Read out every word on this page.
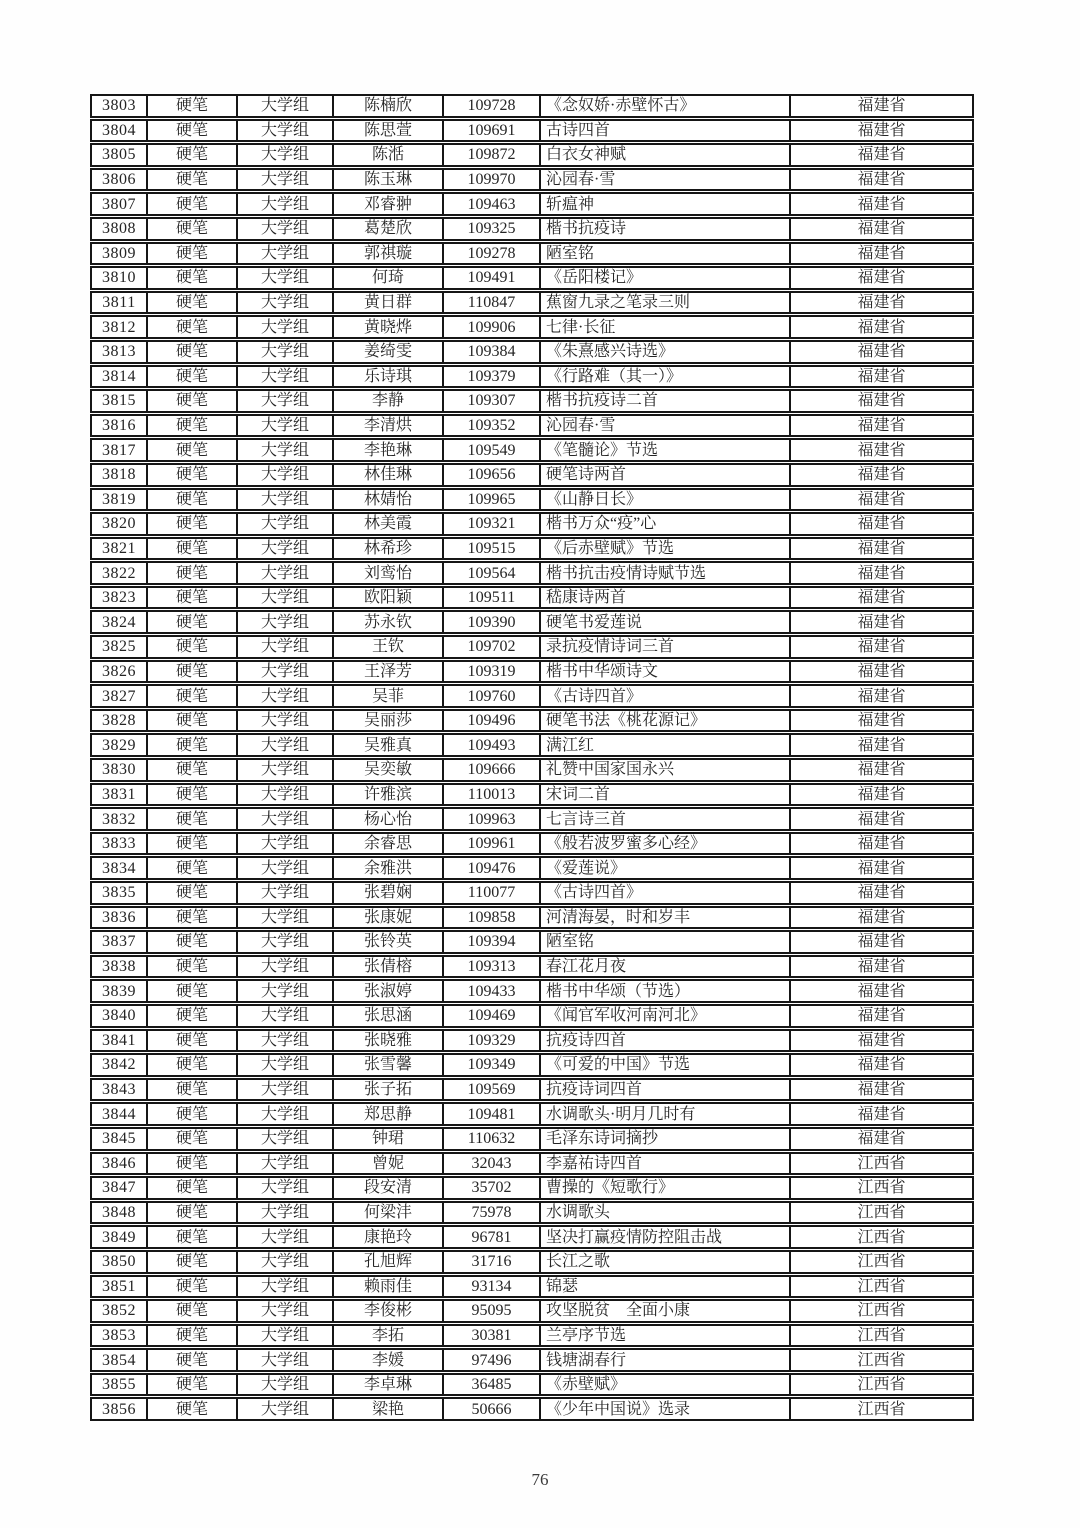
3803	硬笔	大学组	陈楠欣	109728	《念奴娇·赤壁怀古》	福建省
3804	硬笔	大学组	陈思萱	109691	古诗四首	福建省
3805	硬笔	大学组	陈湉	109872	白衣女神赋	福建省
3806	硬笔	大学组	陈玉琳	109970	沁园春·雪	福建省
3807	硬笔	大学组	邓睿翀	109463	斩瘟神	福建省
3808	硬笔	大学组	葛楚欣	109325	楷书抗疫诗	福建省
3809	硬笔	大学组	郭祺璇	109278	陋室铭	福建省
3810	硬笔	大学组	何琦	109491	《岳阳楼记》	福建省
3811	硬笔	大学组	黄日群	110847	蕉窗九录之笔录三则	福建省
3812	硬笔	大学组	黄晓烨	109906	七律·长征	福建省
3813	硬笔	大学组	姜绮雯	109384	《朱熹感兴诗选》	福建省
3814	硬笔	大学组	乐诗琪	109379	《行路难（其一）》	福建省
3815	硬笔	大学组	李静	109307	楷书抗疫诗二首	福建省
3816	硬笔	大学组	李清烘	109352	沁园春·雪	福建省
3817	硬笔	大学组	李艳琳	109549	《笔髓论》节选	福建省
3818	硬笔	大学组	林佳琳	109656	硬笔诗两首	福建省
3819	硬笔	大学组	林婧怡	109965	《山静日长》	福建省
3820	硬笔	大学组	林美霞	109321	楷书万众“疫”心	福建省
3821	硬笔	大学组	林希珍	109515	《后赤壁赋》节选	福建省
3822	硬笔	大学组	刘鸾怡	109564	楷书抗击疫情诗赋节选	福建省
3823	硬笔	大学组	欧阳颖	109511	嵇康诗两首	福建省
3824	硬笔	大学组	苏永钦	109390	硬笔书爱莲说	福建省
3825	硬笔	大学组	王钦	109702	录抗疫情诗词三首	福建省
3826	硬笔	大学组	王泽芳	109319	楷书中华颂诗文	福建省
3827	硬笔	大学组	吴菲	109760	《古诗四首》	福建省
3828	硬笔	大学组	吴丽莎	109496	硬笔书法《桃花源记》	福建省
3829	硬笔	大学组	吴雅真	109493	满江红	福建省
3830	硬笔	大学组	吴奕敏	109666	礼赞中国家国永兴	福建省
3831	硬笔	大学组	许雅滨	110013	宋词二首	福建省
3832	硬笔	大学组	杨心怡	109963	七言诗三首	福建省
3833	硬笔	大学组	余睿思	109961	《般若波罗蜜多心经》	福建省
3834	硬笔	大学组	余雅洪	109476	《爱莲说》	福建省
3835	硬笔	大学组	张碧娴	110077	《古诗四首》	福建省
3836	硬笔	大学组	张康妮	109858	河清海晏，时和岁丰	福建省
3837	硬笔	大学组	张铃英	109394	陋室铭	福建省
3838	硬笔	大学组	张倩榕	109313	春江花月夜	福建省
3839	硬笔	大学组	张淑婷	109433	楷书中华颂（节选）	福建省
3840	硬笔	大学组	张思涵	109469	《闻官军收河南河北》	福建省
3841	硬笔	大学组	张晓雅	109329	抗疫诗四首	福建省
3842	硬笔	大学组	张雪馨	109349	《可爱的中国》节选	福建省
3843	硬笔	大学组	张子拓	109569	抗疫诗词四首	福建省
3844	硬笔	大学组	郑思静	109481	水调歌头·明月几时有	福建省
3845	硬笔	大学组	钟珺	110632	毛泽东诗词摘抄	福建省
3846	硬笔	大学组	曾妮	32043	李嘉祐诗四首	江西省
3847	硬笔	大学组	段安清	35702	曹操的《短歌行》	江西省
3848	硬笔	大学组	何梁沣	75978	水调歌头	江西省
3849	硬笔	大学组	康艳玲	96781	坚决打赢疫情防控阻击战	江西省
3850	硬笔	大学组	孔旭辉	31716	长江之歌	江西省
3851	硬笔	大学组	赖雨佳	93134	锦瑟	江西省
3852	硬笔	大学组	李俊彬	95095	攻坚脱贫　全面小康	江西省
3853	硬笔	大学组	李拓	30381	兰亭序节选	江西省
3854	硬笔	大学组	李媛	97496	钱塘湖春行	江西省
3855	硬笔	大学组	李卓琳	36485	《赤壁赋》	江西省
3856	硬笔	大学组	梁艳	50666	《少年中国说》选录	江西省
76
